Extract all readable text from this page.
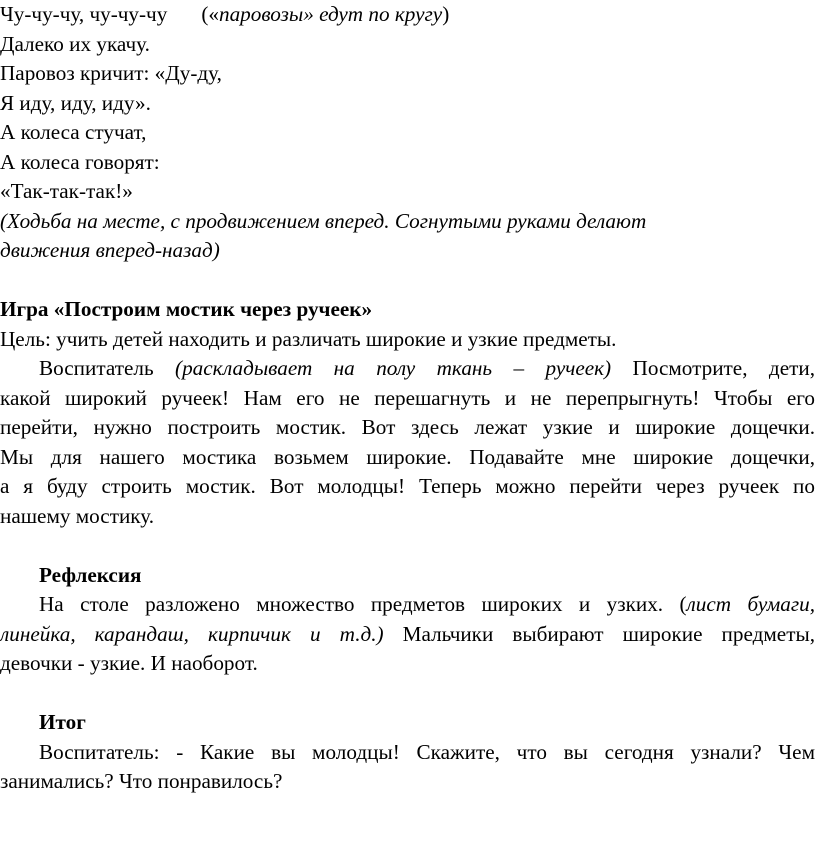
Чу-чу-чу, чу-чу-чу («паровозы» едут по кругу)

Далеко их укачу.

Паровоз кричит: «Ду-ду,

Я иду, иду, иду».

А колеса стучат,

А колеса говорят:

«Так-так-так!»

(Ходьба на месте, с продвижением вперед. Согнутыми руками делают

движения вперед-назад)

Игра «Построим мостик через ручеек»

Цель: учить детей находить и различать широкие и узкие предметы.

Воспитатель (раскладывает на полу ткань – ручеек) Посмотрите, дети,

какой широкий ручеек! Нам его не перешагнуть и не перепрыгнуть! Чтобы его

перейти, нужно построить мостик. Вот здесь лежат узкие и широкие дощечки.

Мы для нашего мостика возьмем широкие. Подавайте мне широкие дощечки,

а я буду строить мостик. Вот молодцы! Теперь можно перейти через ручеек по

нашему мостику.

Рефлексия

На столе разложено множество предметов широких и узких. (лист бумаги,

линейка, карандаш, кирпичик и т.д.) Мальчики выбирают широкие предметы,

девочки - узкие. И наоборот.

Итог

Воспитатель: - Какие вы молодцы! Скажите, что вы сегодня узнали? Чем

занимались? Что понравилось?
